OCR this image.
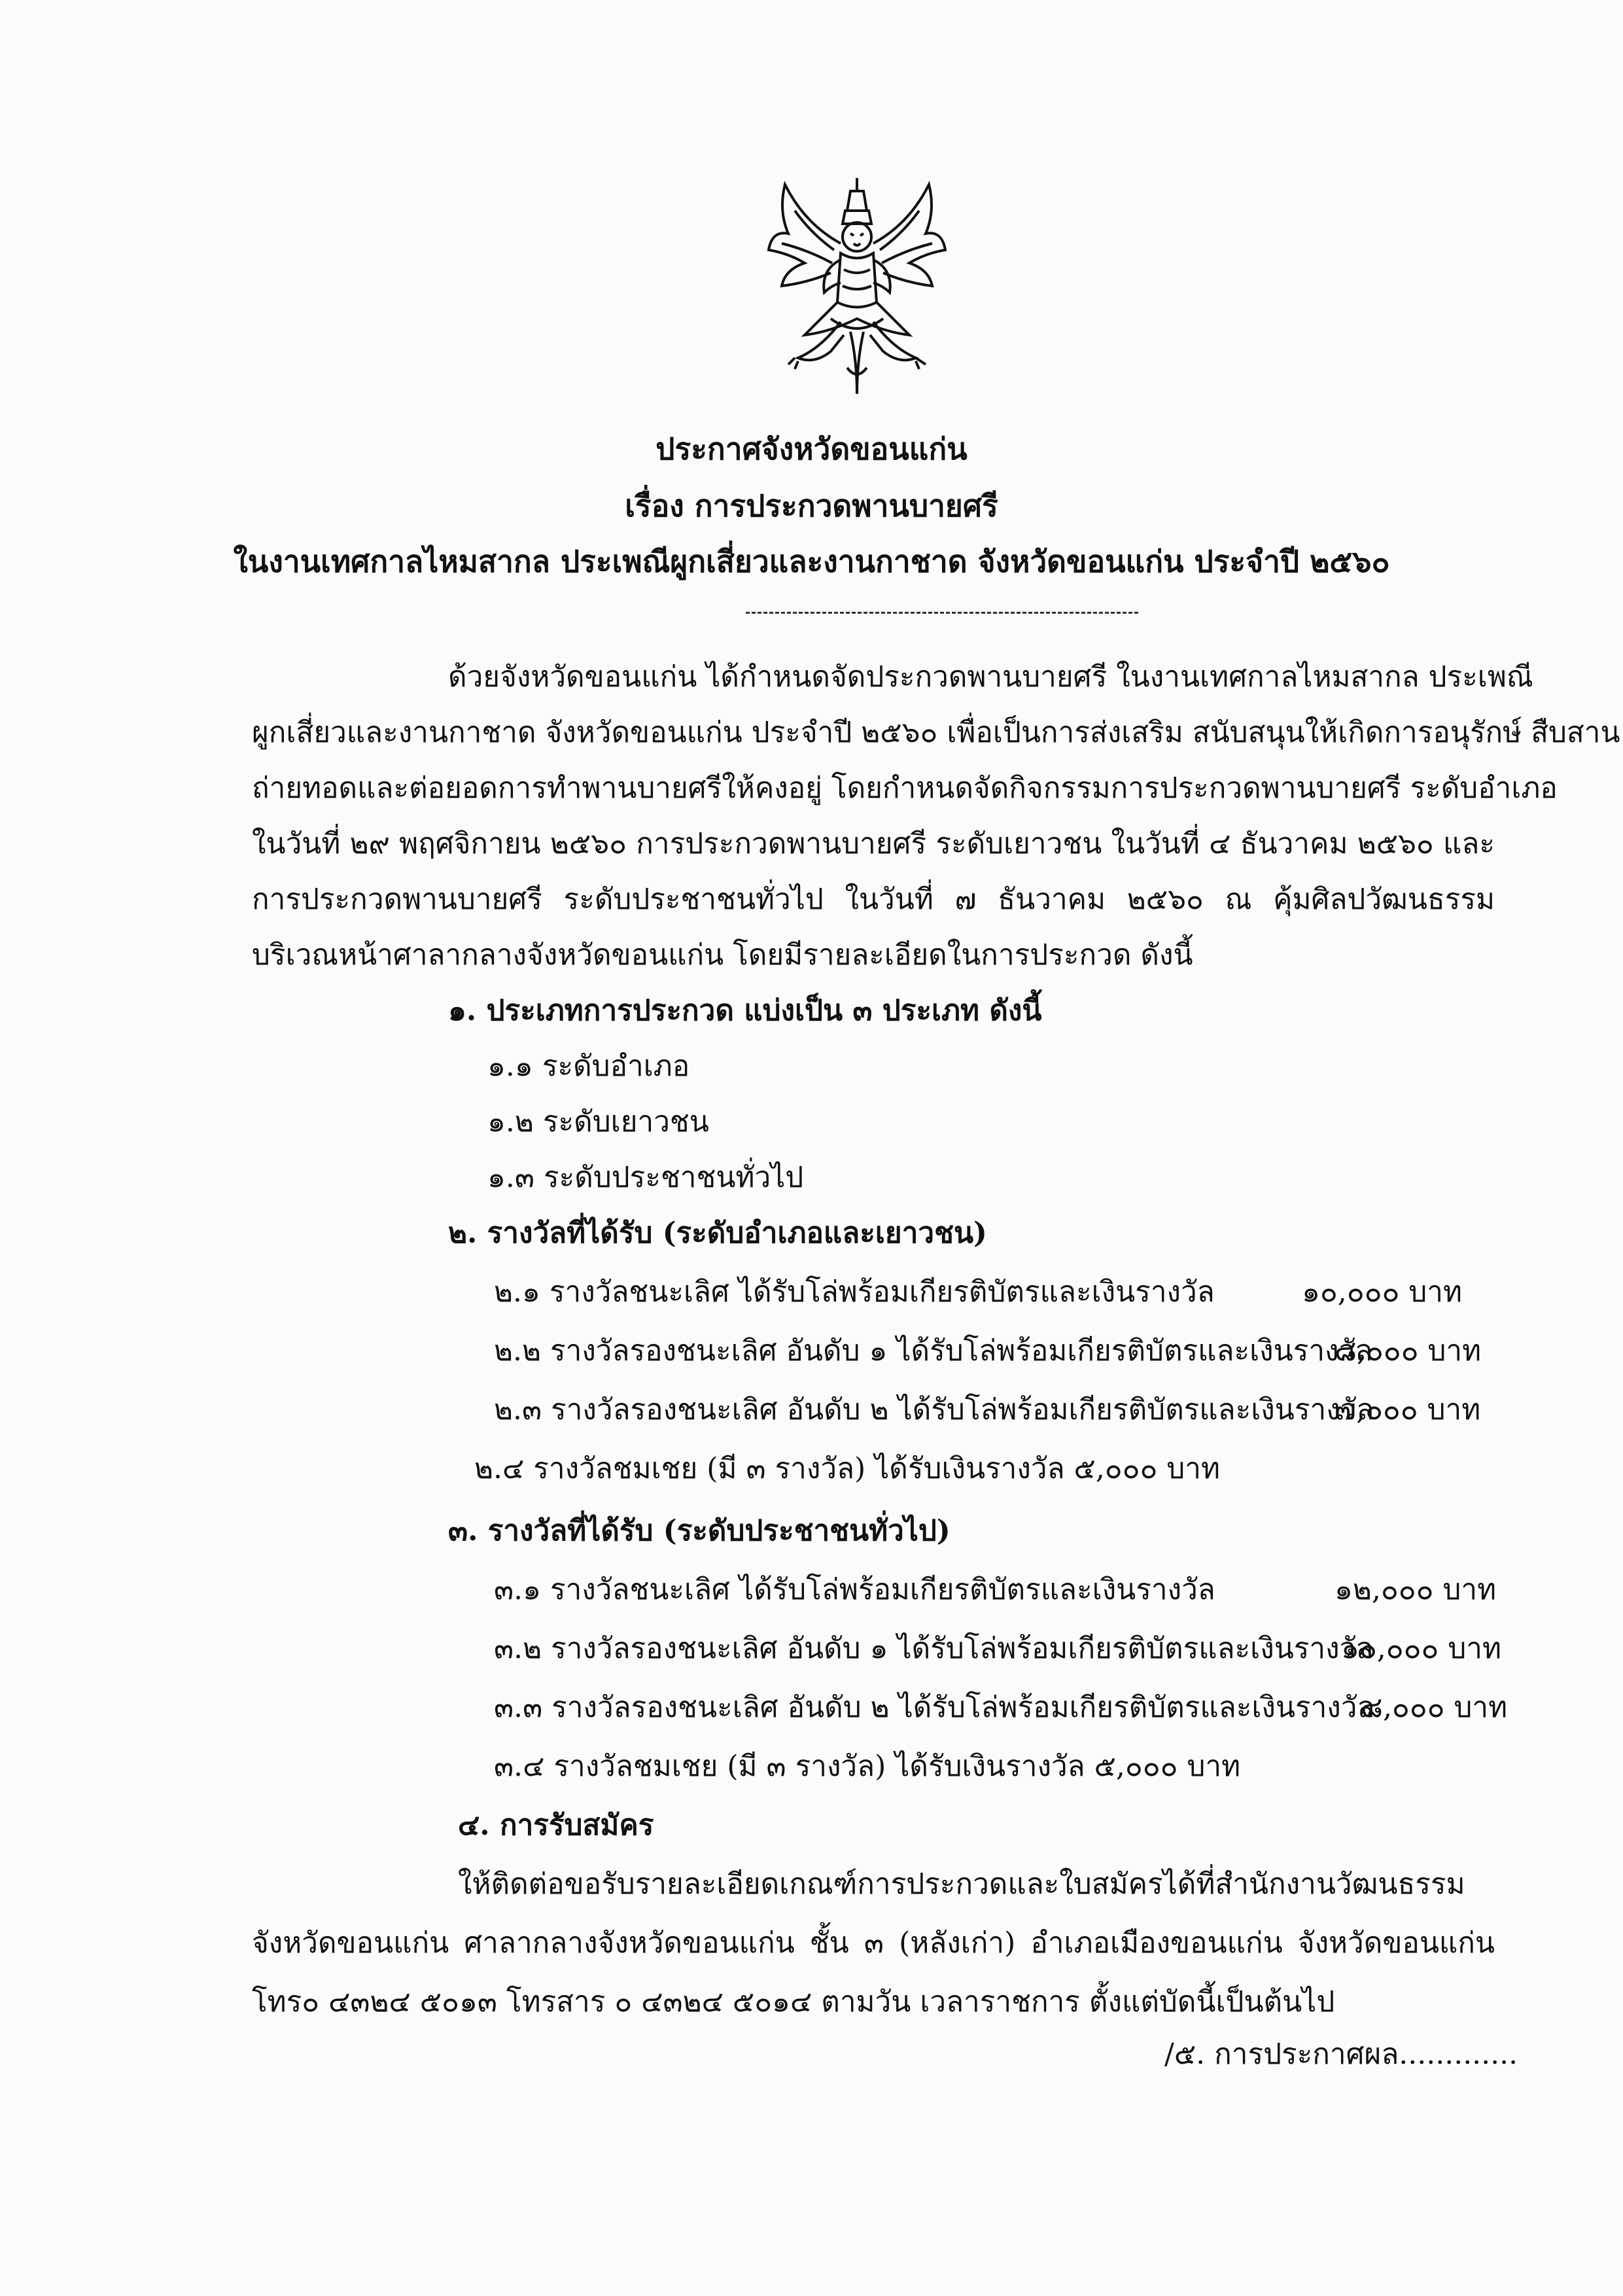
ประกาศจังหวัดขอนแก่น
เรื่อง การประกวดพานบายศรี
ในงานเทศกาลไหมสากล ประเพณีผูกเสี่ยวและงานกาชาด จังหวัดขอนแก่น ประจำปี ๒๕๖๐
ด้วยจังหวัดขอนแก่น ได้กำหนดจัดประกวดพานบายศรี ในงานเทศกาลไหมสากล ประเพณี
ผูกเสี่ยวและงานกาชาด จังหวัดขอนแก่น ประจำปี ๒๕๖๐ เพื่อเป็นการส่งเสริม สนับสนุนให้เกิดการอนุรักษ์ สืบสาน
ถ่ายทอดและต่อยอดการทำพานบายศรีให้คงอยู่ โดยกำหนดจัดกิจกรรมการประกวดพานบายศรี ระดับอำเภอ
ในวันที่ ๒๙ พฤศจิกายน ๒๕๖๐ การประกวดพานบายศรี ระดับเยาวชน ในวันที่ ๔ ธันวาคม ๒๕๖๐ และ
การประกวดพานบายศรี ระดับประชาชนทั่วไป ในวันที่ ๗ ธันวาคม ๒๕๖๐ ณ คุ้มศิลปวัฒนธรรม
บริเวณหน้าศาลากลางจังหวัดขอนแก่น โดยมีรายละเอียดในการประกวด ดังนี้
๑. ประเภทการประกวด แบ่งเป็น ๓ ประเภท ดังนี้
๑.๑ ระดับอำเภอ
๑.๒ ระดับเยาวชน
๑.๓ ระดับประชาชนทั่วไป
๒. รางวัลที่ได้รับ (ระดับอำเภอและเยาวชน)
๒.๑ รางวัลชนะเลิศ ได้รับโล่พร้อมเกียรติบัตรและเงินรางวัล	๑๐,๐๐๐ บาท
๒.๒ รางวัลรองชนะเลิศ อันดับ ๑ ได้รับโล่พร้อมเกียรติบัตรและเงินรางวัล
๘,๐๐๐ บาท
๒.๓ รางวัลรองชนะเลิศ อันดับ ๒ ได้รับโล่พร้อมเกียรติบัตรและเงินรางวัล
๗,๐๐๐ บาท
๒.๔ รางวัลชมเชย (มี ๓ รางวัล) ได้รับเงินรางวัล ๕,๐๐๐ บาท
๓. รางวัลที่ได้รับ (ระดับประชาชนทั่วไป)
๓.๑ รางวัลชนะเลิศ ได้รับโล่พร้อมเกียรติบัตรและเงินรางวัล	๑๒,๐๐๐ บาท
๓.๒ รางวัลรองชนะเลิศ อันดับ ๑ ได้รับโล่พร้อมเกียรติบัตรและเงินรางวัล
๑๐,๐๐๐ บาท
๓.๓ รางวัลรองชนะเลิศ อันดับ ๒ ได้รับโล่พร้อมเกียรติบัตรและเงินรางวัล
๘,๐๐๐ บาท
๓.๔ รางวัลชมเชย (มี ๓ รางวัล) ได้รับเงินรางวัล ๕,๐๐๐ บาท
๔. การรับสมัคร
ให้ติดต่อขอรับรายละเอียดเกณฑ์การประกวดและใบสมัครได้ที่สำนักงานวัฒนธรรม
จังหวัดขอนแก่น ศาลากลางจังหวัดขอนแก่น ชั้น ๓ (หลังเก่า) อำเภอเมืองขอนแก่น จังหวัดขอนแก่น
โทร๐ ๔๓๒๔ ๕๐๑๓ โทรสาร ๐ ๔๓๒๔ ๕๐๑๔ ตามวัน เวลาราชการ ตั้งแต่บัดนี้เป็นต้นไป
/๕. การประกาศผล.............
